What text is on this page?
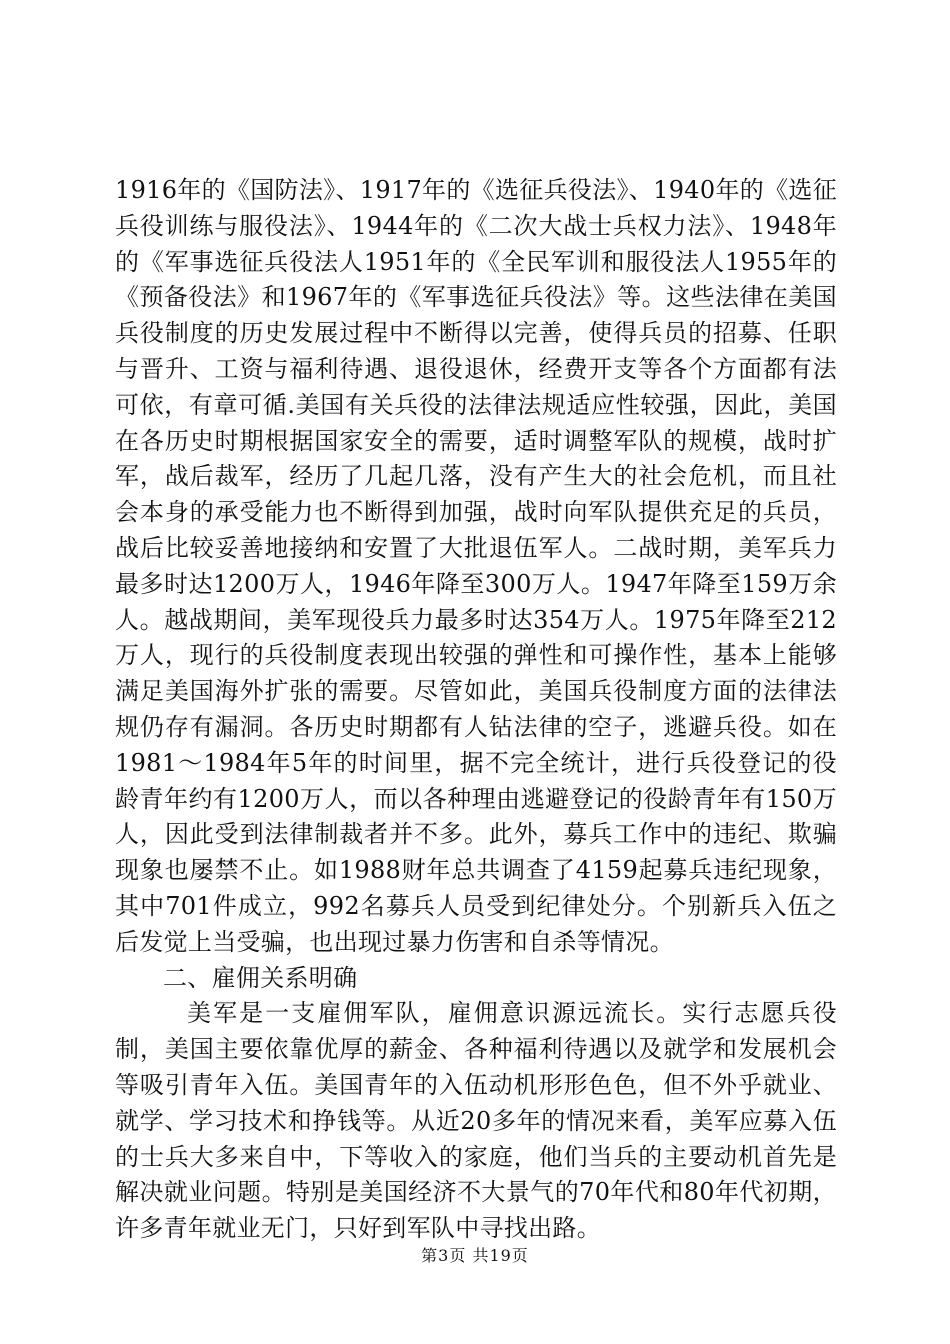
1916年的《国防法》、1917年的《选征兵役法》、1940年的《选征兵役训练与服役法》、1944年的《二次大战士兵权力法》、1948年的《军事选征兵役法人1951年的《全民军训和服役法人1955年的《预备役法》和1967年的《军事选征兵役法》等。这些法律在美国兵役制度的历史发展过程中不断得以完善，使得兵员的招募、任职与晋升、工资与福利待遇、退役退休，经费开支等各个方面都有法可依，有章可循.美国有关兵役的法律法规适应性较强，因此，美国在各历史时期根据国家安全的需要，适时调整军队的规模，战时扩军，战后裁军，经历了几起几落，没有产生大的社会危机，而且社会本身的承受能力也不断得到加强，战时向军队提供充足的兵员，战后比较妥善地接纳和安置了大批退伍军人。二战时期，美军兵力最多时达1200万人，1946年降至300万人。1947年降至159万余人。越战期间，美军现役兵力最多时达354万人。1975年降至212万人，现行的兵役制度表现出较强的弹性和可操作性，基本上能够满足美国海外扩张的需要。尽管如此，美国兵役制度方面的法律法规仍存有漏洞。各历史时期都有人钻法律的空子，逃避兵役。如在1981～1984年5年的时间里，据不完全统计，进行兵役登记的役龄青年约有1200万人，而以各种理由逃避登记的役龄青年有150万人，因此受到法律制裁者并不多。此外，募兵工作中的违纪、欺骗现象也屡禁不止。如1988财年总共调查了4159起募兵违纪现象，其中701件成立，992名募兵人员受到纪律处分。个别新兵入伍之后发觉上当受骗，也出现过暴力伤害和自杀等情况。

二、雇佣关系明确

美军是一支雇佣军队，雇佣意识源远流长。实行志愿兵役制，美国主要依靠优厚的薪金、各种福利待遇以及就学和发展机会等吸引青年入伍。美国青年的入伍动机形形色色，但不外乎就业、就学、学习技术和挣钱等。从近20多年的情况来看，美军应募入伍的士兵大多来自中，下等收入的家庭，他们当兵的主要动机首先是解决就业问题。特别是美国经济不大景气的70年代和80年代初期，许多青年就业无门，只好到军队中寻找出路。

第3页 共19页
